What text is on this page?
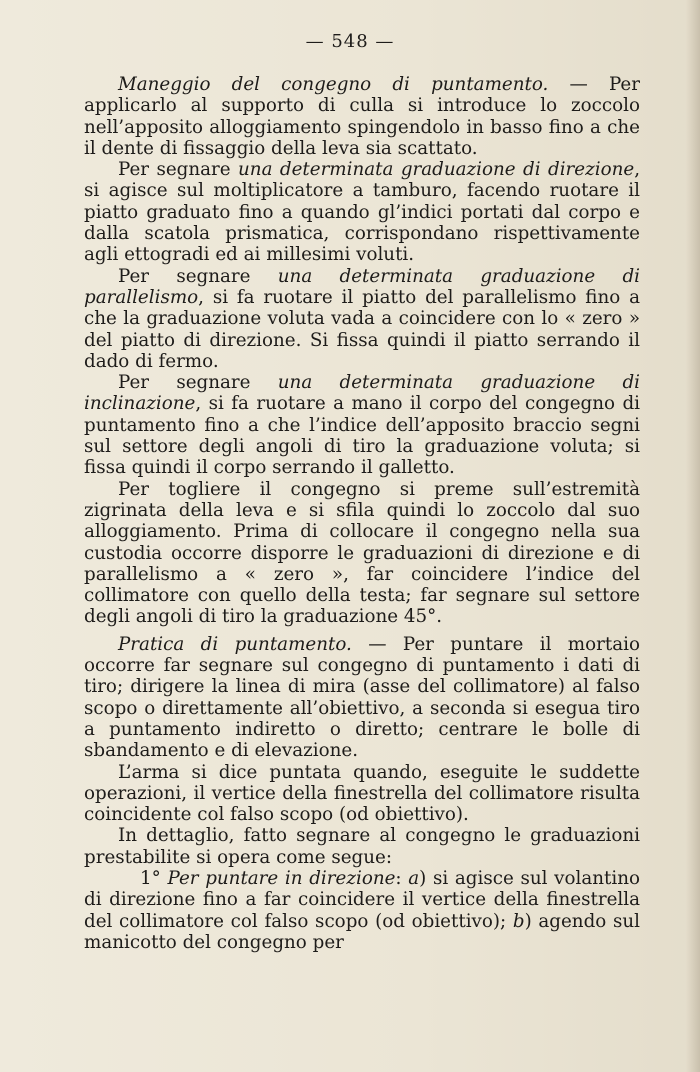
— 548 —

Maneggio del congegno di puntamento. — Per applicarlo al supporto di culla si introduce lo zoccolo nell’apposito alloggiamento spingendolo in basso fino a che il dente di fissaggio della leva sia scattato.

Per segnare una determinata graduazione di direzione, si agisce sul moltiplicatore a tamburo, facendo ruotare il piatto graduato fino a quando gl’indici portati dal corpo e dalla scatola prismatica, corrispondano rispettivamente agli ettogradi ed ai millesimi voluti.

Per segnare una determinata graduazione di parallelismo, si fa ruotare il piatto del parallelismo fino a che la graduazione voluta vada a coincidere con lo « zero » del piatto di direzione. Si fissa quindi il piatto serrando il dado di fermo.

Per segnare una determinata graduazione di inclinazione, si fa ruotare a mano il corpo del congegno di puntamento fino a che l’indice dell’apposito braccio segni sul settore degli angoli di tiro la graduazione voluta; si fissa quindi il corpo serrando il galletto.

Per togliere il congegno si preme sull’estremità zigrinata della leva e si sfila quindi lo zoccolo dal suo alloggiamento. Prima di collocare il congegno nella sua custodia occorre disporre le graduazioni di direzione e di parallelismo a « zero », far coincidere l’indice del collimatore con quello della testa; far segnare sul settore degli angoli di tiro la graduazione 45°.

Pratica di puntamento. — Per puntare il mortaio occorre far segnare sul congegno di puntamento i dati di tiro; dirigere la linea di mira (asse del collimatore) al falso scopo o direttamente all’obiettivo, a seconda si esegua tiro a puntamento indiretto o diretto; centrare le bolle di sbandamento e di elevazione.

L’arma si dice puntata quando, eseguite le suddette operazioni, il vertice della finestrella del collimatore risulta coincidente col falso scopo (od obiettivo).

In dettaglio, fatto segnare al congegno le graduazioni prestabilite si opera come segue:

1° Per puntare in direzione: a) si agisce sul volantino di direzione fino a far coincidere il vertice della finestrella del collimatore col falso scopo (od obiettivo); b) agendo sul manicotto del congegno per
